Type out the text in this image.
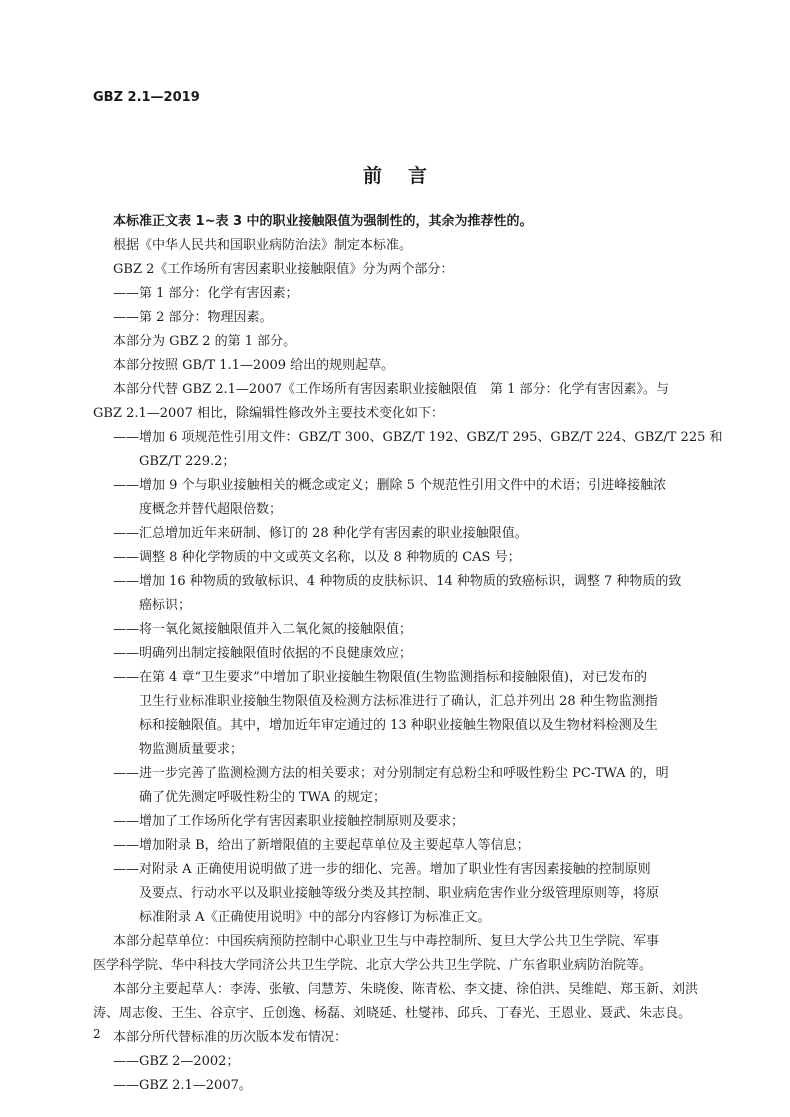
GBZ 2.1—2019
前言
本标准正文表 1~表 3 中的职业接触限值为强制性的，其余为推荐性的。
根据《中华人民共和国职业病防治法》制定本标准。
GBZ 2《工作场所有害因素职业接触限值》分为两个部分：
——第 1 部分：化学有害因素；
——第 2 部分：物理因素。
本部分为 GBZ 2 的第 1 部分。
本部分按照 GB/T 1.1—2009 给出的规则起草。
本部分代替 GBZ 2.1—2007《工作场所有害因素职业接触限值　第 1 部分：化学有害因素》。与
GBZ 2.1—2007 相比，除编辑性修改外主要技术变化如下：
——增加 6 项规范性引用文件：GBZ/T 300、GBZ/T 192、GBZ/T 295、GBZ/T 224、GBZ/T 225 和
GBZ/T 229.2；
——增加 9 个与职业接触相关的概念或定义；删除 5 个规范性引用文件中的术语；引进峰接触浓
度概念并替代超限倍数；
——汇总增加近年来研制、修订的 28 种化学有害因素的职业接触限值。
——调整 8 种化学物质的中文或英文名称，以及 8 种物质的 CAS 号；
——增加 16 种物质的致敏标识、4 种物质的皮肤标识、14 种物质的致癌标识，调整 7 种物质的致
癌标识；
——将一氧化氮接触限值并入二氧化氮的接触限值；
——明确列出制定接触限值时依据的不良健康效应；
——在第 4 章“卫生要求”中增加了职业接触生物限值(生物监测指标和接触限值)，对已发布的
卫生行业标准职业接触生物限值及检测方法标准进行了确认，汇总并列出 28 种生物监测指
标和接触限值。其中，增加近年审定通过的 13 种职业接触生物限值以及生物材料检测及生
物监测质量要求；
——进一步完善了监测检测方法的相关要求；对分别制定有总粉尘和呼吸性粉尘 PC-TWA 的，明
确了优先测定呼吸性粉尘的 TWA 的规定；
——增加了工作场所化学有害因素职业接触控制原则及要求；
——增加附录 B，给出了新增限值的主要起草单位及主要起草人等信息；
——对附录 A 正确使用说明做了进一步的细化、完善。增加了职业性有害因素接触的控制原则
及要点、行动水平以及职业接触等级分类及其控制、职业病危害作业分级管理原则等，将原
标准附录 A《正确使用说明》中的部分内容修订为标准正文。
本部分起草单位：中国疾病预防控制中心职业卫生与中毒控制所、复旦大学公共卫生学院、军事
医学科学院、华中科技大学同济公共卫生学院、北京大学公共卫生学院、广东省职业病防治院等。
本部分主要起草人：李涛、张敏、闫慧芳、朱晓俊、陈青松、李文捷、徐伯洪、吴维皑、郑玉新、刘洪
涛、周志俊、王生、谷京宇、丘创逸、杨磊、刘晓延、杜燮祎、邱兵、丁春光、王恩业、聂武、朱志良。
本部分所代替标准的历次版本发布情况：
——GBZ 2—2002；
——GBZ 2.1—2007。
2
